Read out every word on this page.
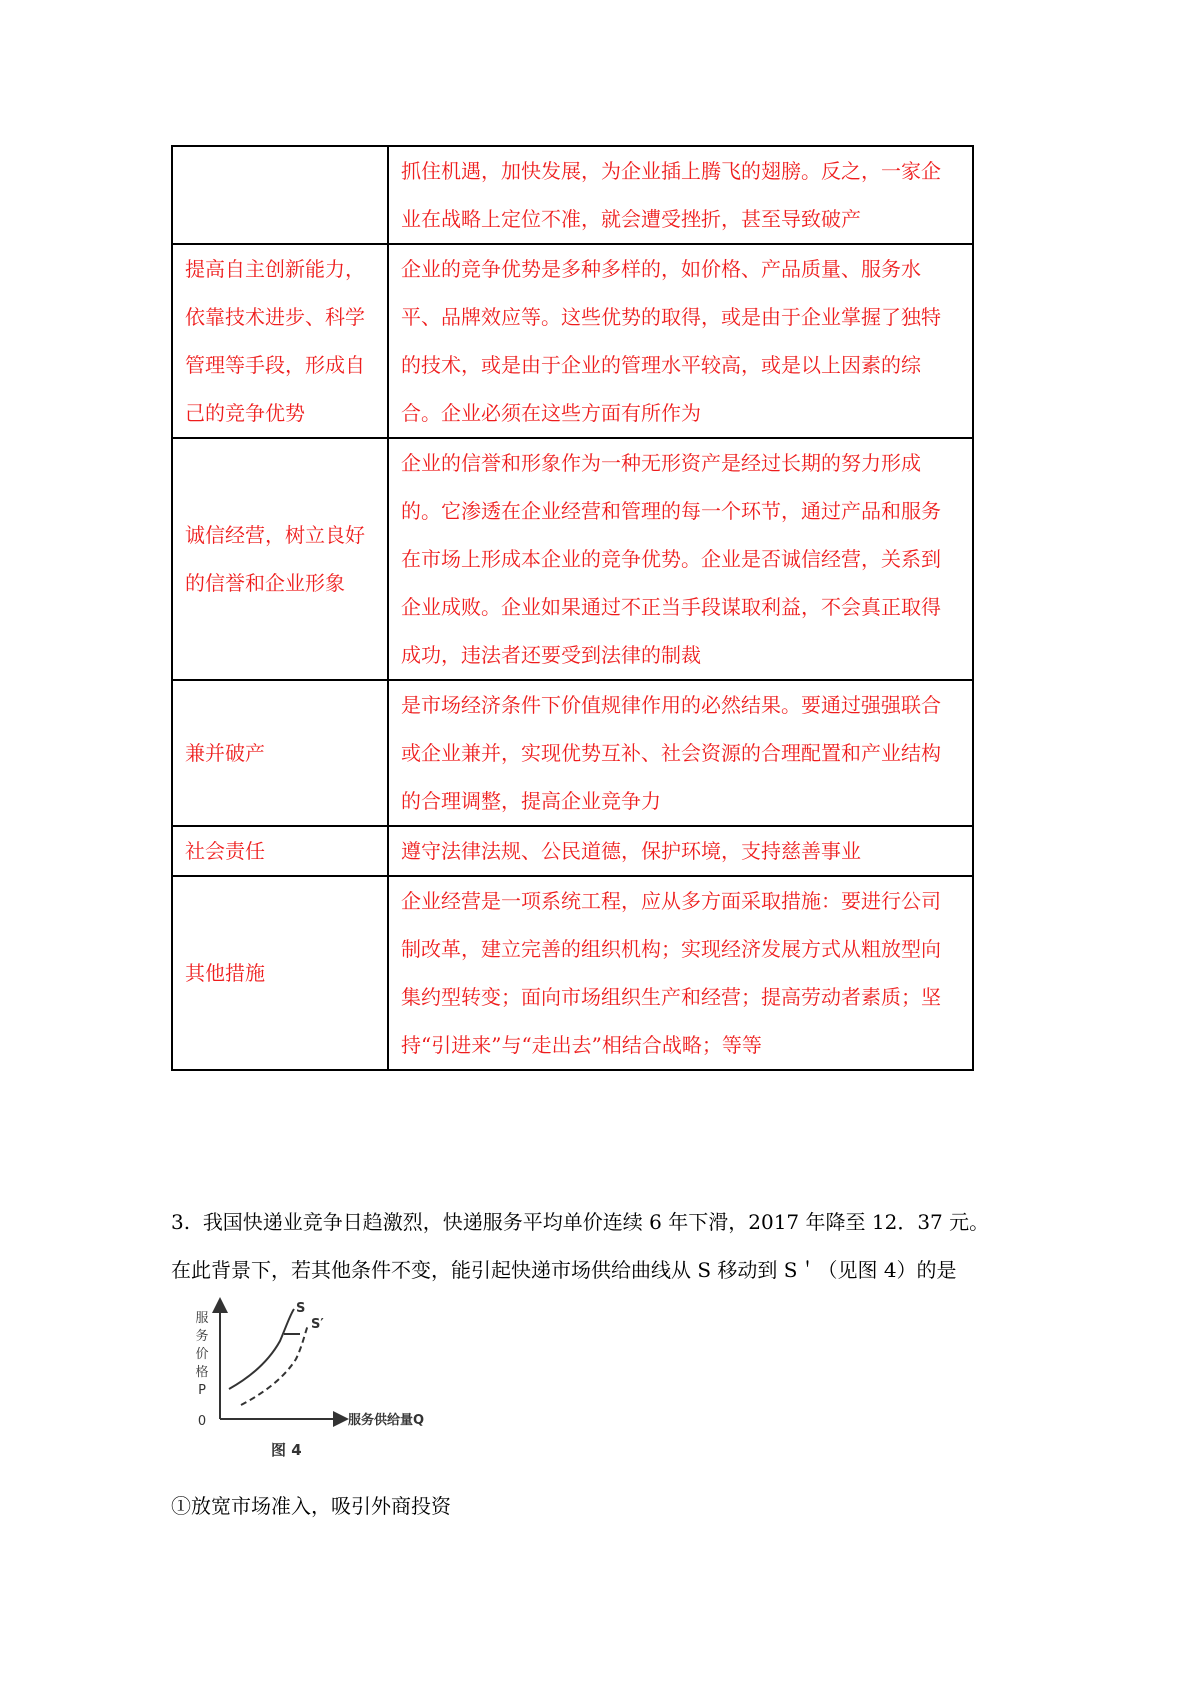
	抓住机遇，加快发展，为企业插上腾飞的翅膀。反之，一家企业在战略上定位不准，就会遭受挫折，甚至导致破产
提高自主创新能力，依靠技术进步、科学管理等手段，形成自己的竞争优势	企业的竞争优势是多种多样的，如价格、产品质量、服务水平、品牌效应等。这些优势的取得，或是由于企业掌握了独特的技术，或是由于企业的管理水平较高，或是以上因素的综合。企业必须在这些方面有所作为
诚信经营，树立良好的信誉和企业形象	企业的信誉和形象作为一种无形资产是经过长期的努力形成的。它渗透在企业经营和管理的每一个环节，通过产品和服务在市场上形成本企业的竞争优势。企业是否诚信经营，关系到企业成败。企业如果通过不正当手段谋取利益，不会真正取得成功，违法者还要受到法律的制裁
兼并破产	是市场经济条件下价值规律作用的必然结果。要通过强强联合或企业兼并，实现优势互补、社会资源的合理配置和产业结构的合理调整，提高企业竞争力
社会责任	遵守法律法规、公民道德，保护环境，支持慈善事业
其他措施	企业经营是一项系统工程，应从多方面采取措施：要进行公司制改革，建立完善的组织机构；实现经济发展方式从粗放型向集约型转变；面向市场组织生产和经营；提高劳动者素质；坚持“引进来”与“走出去”相结合战略；等等

3. 我国快递业竞争日趋激烈，快递服务平均单价连续 6 年下滑，2017 年降至 12．37 元。

在此背景下，若其他条件不变，能引起快递市场供给曲线从 S 移动到 S＇（见图 4）的是

服
务
价
格
P
0	服务供给量Q
S
S′
图 4
①放宽市场准入，吸引外商投资
